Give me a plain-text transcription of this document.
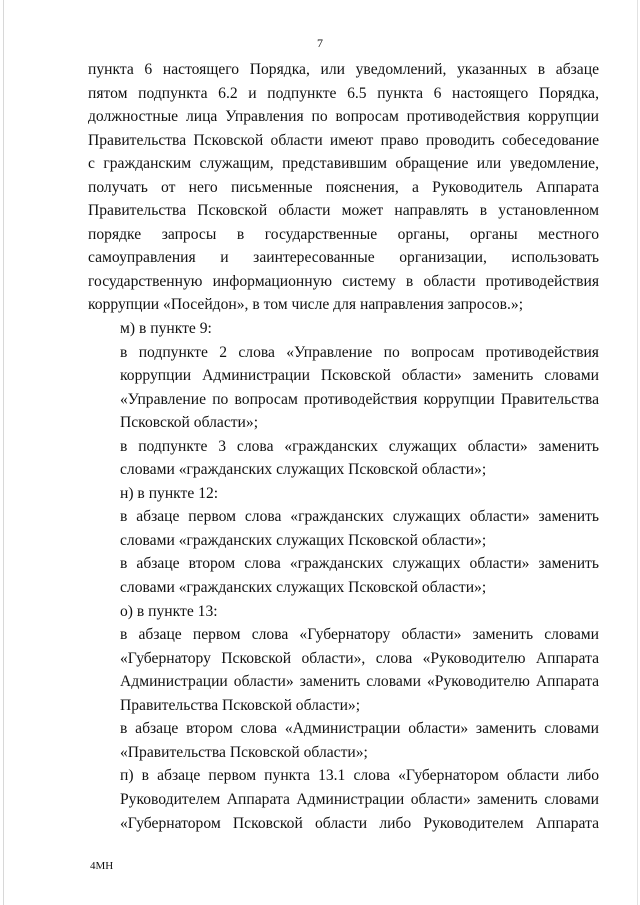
7

пункта 6 настоящего Порядка, или уведомлений, указанных в абзаце
пятом подпункта 6.2 и подпункте 6.5 пункта 6 настоящего Порядка,
должностные лица Управления по вопросам противодействия коррупции
Правительства Псковской области имеют право проводить собеседование
с гражданским служащим, представившим обращение или уведомление,
получать от него письменные пояснения, а Руководитель Аппарата
Правительства Псковской области может направлять в установленном
порядке запросы в государственные органы, органы местного
самоуправления и заинтересованные организации, использовать
государственную информационную систему в области противодействия
коррупции «Посейдон», в том числе для направления запросов.»;

м) в пункте 9:

в подпункте 2 слова «Управление по вопросам противодействия
коррупции Администрации Псковской области» заменить словами
«Управление по вопросам противодействия коррупции Правительства
Псковской области»;

в подпункте 3 слова «гражданских служащих области» заменить
словами «гражданских служащих Псковской области»;

н) в пункте 12:

в абзаце первом слова «гражданских служащих области» заменить
словами «гражданских служащих Псковской области»;

в абзаце втором слова «гражданских служащих области» заменить
словами «гражданских служащих Псковской области»;

о) в пункте 13:

в абзаце первом слова «Губернатору области» заменить словами
«Губернатору Псковской области», слова «Руководителю Аппарата
Администрации области» заменить словами «Руководителю Аппарата
Правительства Псковской области»;

в абзаце втором слова «Администрации области» заменить словами
«Правительства Псковской области»;

п) в абзаце первом пункта 13.1 слова «Губернатором области либо
Руководителем Аппарата Администрации области» заменить словами
«Губернатором Псковской области либо Руководителем Аппарата

4МН
